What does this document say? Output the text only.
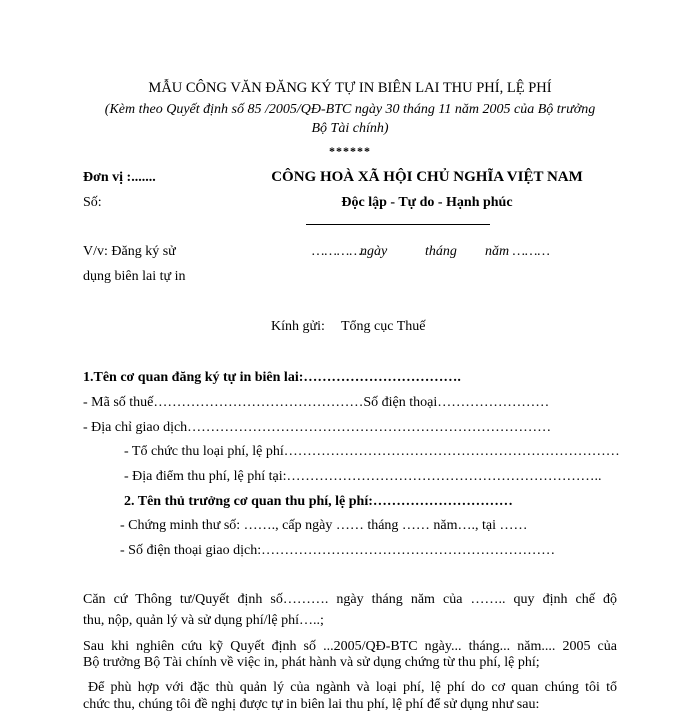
MẪU CÔNG VĂN ĐĂNG KÝ TỰ IN BIÊN LAI THU PHÍ, LỆ PHÍ
(Kèm theo Quyết định số 85 /2005/QĐ-BTC ngày 30 tháng 11 năm 2005 của Bộ trưởng
Bộ Tài chính)
******
Đơn vị :.......
Số:
V/v: Đăng ký sử
dụng biên lai tự in
CÔNG HOÀ XÃ HỘI CHỦ NGHĨA VIỆT NAM
Độc lập - Tự do - Hạnh phúc
………….
ngày	tháng năm ………
Kính gửi: Tổng cục Thuế
1.Tên cơ quan đăng ký tự in biên lai:…………………………….
- Mã số thuế………………………………………Số điện thoại……………………
- Địa chỉ giao dịch……………………………………………………………………
- Tổ chức thu loại phí, lệ phí………………………………………………………………
- Địa điểm thu phí, lệ phí tại:…………………………………………………………..
2. Tên thủ trưởng cơ quan thu phí, lệ phí:…………………………
- Chứng minh thư số: ……., cấp ngày …… tháng …… năm…., tại ……
- Số điện thoại giao dịch:………………………………………………………
Căn cứ Thông tư/Quyết định số………. ngày tháng năm của …….. quy định chế độ
thu, nộp, quản lý và sử dụng phí/lệ phí…..;
Sau khi nghiên cứu kỹ Quyết định số ...2005/QĐ-BTC ngày... tháng... năm.... 2005 của
Bộ trưởng Bộ Tài chính về việc in, phát hành và sử dụng chứng từ thu phí, lệ phí;
Để phù hợp với đặc thù quản lý của ngành và loại phí, lệ phí do cơ quan chúng tôi tổ
chức thu, chúng tôi đề nghị được tự in biên lai thu phí, lệ phí để sử dụng như sau:
